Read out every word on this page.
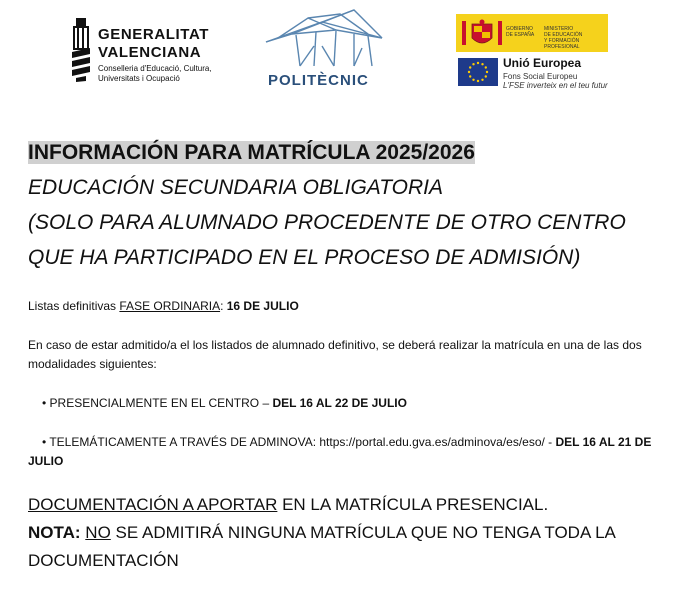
GENERALITAT
VALENCIANA
Conselleria d'Educació, Cultura,
Universitats i Ocupació	POLITÈCNIC
GOBIERNO
DE ESPAÑA
MINISTERIO
DE EDUCACIÓN
Y FORMACIÓN PROFESIONAL
Unió Europea
Fons Social Europeu
L'FSE inverteix en el teu futur
INFORMACIÓN PARA MATRÍCULA 2025/2026
EDUCACIÓN SECUNDARIA OBLIGATORIA
(SOLO PARA ALUMNADO PROCEDENTE DE OTRO CENTRO
QUE HA PARTICIPADO EN EL PROCESO DE ADMISIÓN)
Listas definitivas FASE ORDINARIA: 16 DE JULIO
En caso de estar admitido/a el los listados de alumnado definitivo, se deberá realizar la matrícula en una de las dos modalidades siguientes:
• PRESENCIALMENTE EN EL CENTRO – DEL 16 AL 22 DE JULIO
• TELEMÁTICAMENTE A TRAVÉS DE ADMINOVA: https://portal.edu.gva.es/adminova/es/eso/ - DEL 16 AL 21 DE JULIO
DOCUMENTACIÓN A APORTAR EN LA MATRÍCULA PRESENCIAL.
NOTA: NO SE ADMITIRÁ NINGUNA MATRÍCULA QUE NO TENGA TODA LA DOCUMENTACIÓN
